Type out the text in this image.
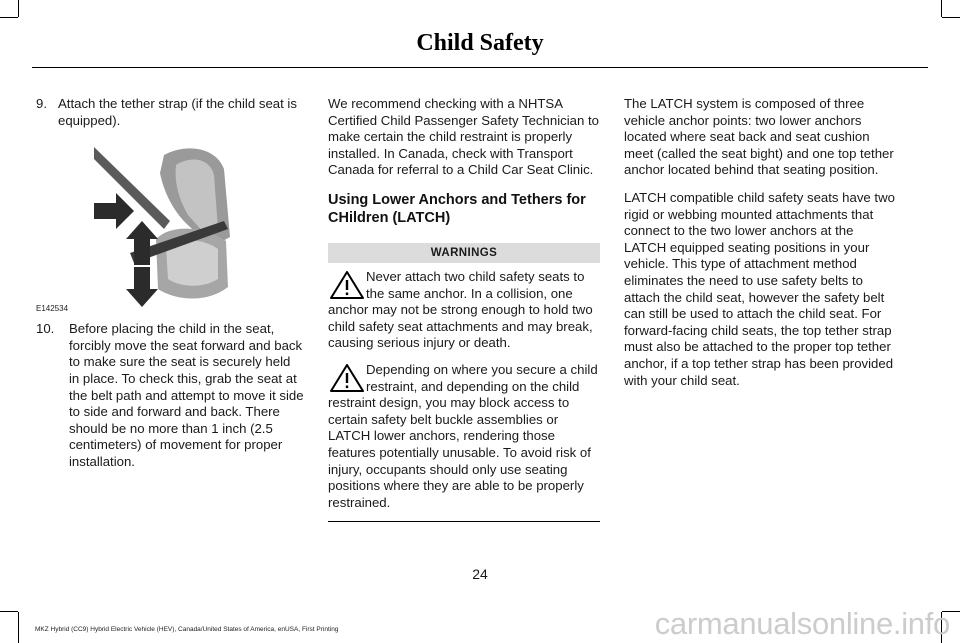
Child Safety
9. Attach the tether strap (if the child seat is equipped).
E142534
10.	Before placing the child in the seat, forcibly move the seat forward and back to make sure the seat is securely held in place. To check this, grab the seat at the belt path and attempt to move it side to side and forward and back. There should be no more than 1 inch (2.5 centimeters) of movement for proper installation.

We recommend checking with a NHTSA Certified Child Passenger Safety Technician to make certain the child restraint is properly installed. In Canada, check with Transport Canada for referral to a Child Car Seat Clinic.

Using Lower Anchors and Tethers for CHildren (LATCH)
WARNINGS
Never attach two child safety seats to the same anchor. In a collision, one anchor may not be strong enough to hold two child safety seat attachments and may break, causing serious injury or death.
Depending on where you secure a child restraint, and depending on the child restraint design, you may block access to certain safety belt buckle assemblies or LATCH lower anchors, rendering those features potentially unusable. To avoid risk of injury, occupants should only use seating positions where they are able to be properly restrained.

The LATCH system is composed of three vehicle anchor points: two lower anchors located where seat back and seat cushion meet (called the seat bight) and one top tether anchor located behind that seating position.

LATCH compatible child safety seats have two rigid or webbing mounted attachments that connect to the two lower anchors at the LATCH equipped seating positions in your vehicle. This type of attachment method eliminates the need to use safety belts to attach the child seat, however the safety belt can still be used to attach the child seat. For forward-facing child seats, the top tether strap must also be attached to the proper top tether anchor, if a top tether strap has been provided with your child seat.

24
MKZ Hybrid (CC9) Hybrid Electric Vehicle (HEV), Canada/United States of America, enUSA, First Printing	carmanualsonline.info
